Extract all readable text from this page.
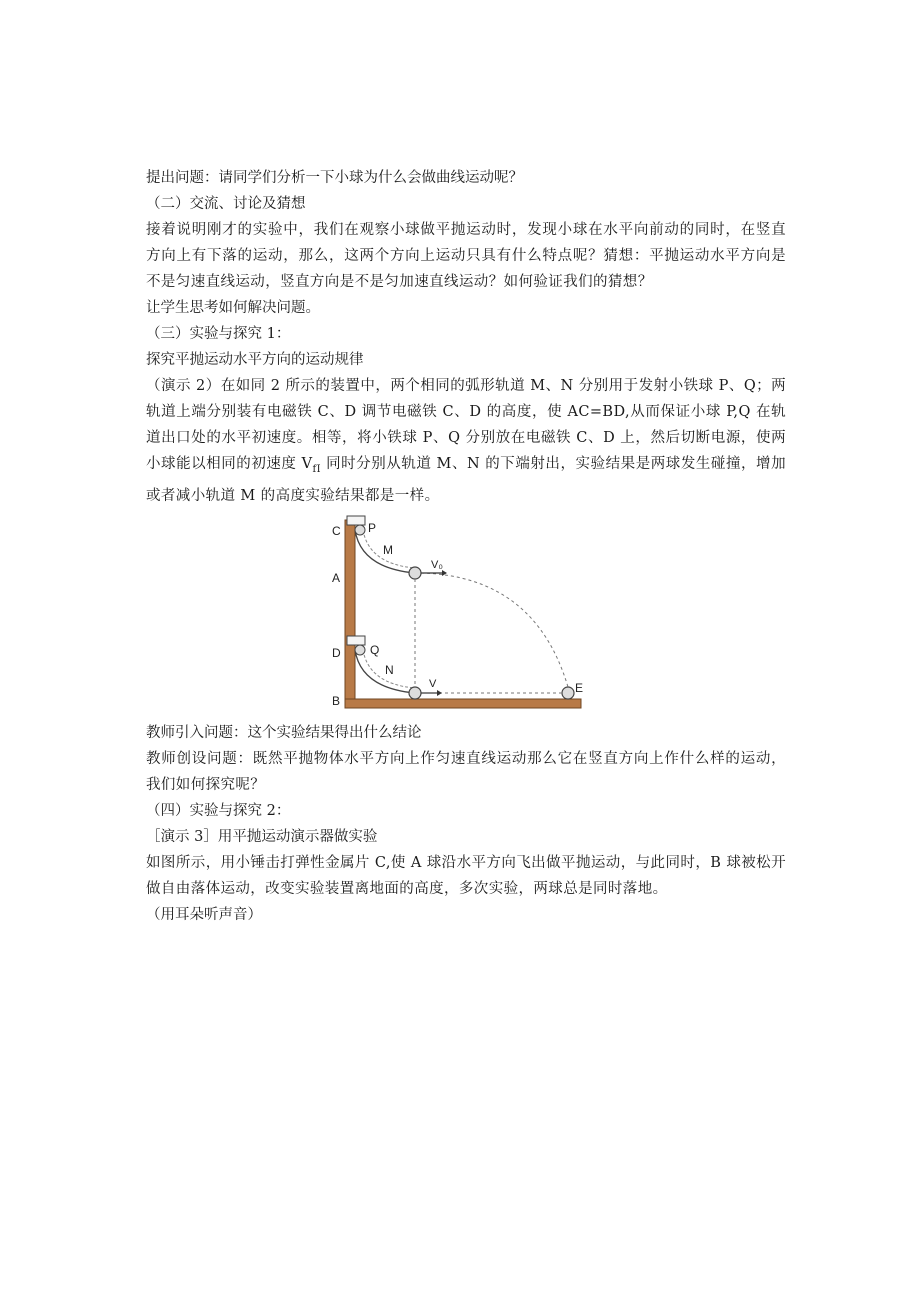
提出问题：请同学们分析一下小球为什么会做曲线运动呢？

（二）交流、讨论及猜想

接着说明刚才的实验中，我们在观察小球做平抛运动时，发现小球在水平向前动的同时，在竖直方向上有下落的运动，那么，这两个方向上运动只具有什么特点呢？猜想：平抛运动水平方向是不是匀速直线运动，竖直方向是不是匀加速直线运动？如何验证我们的猜想？

让学生思考如何解决问题。

（三）实验与探究 1：

探究平抛运动水平方向的运动规律

（演示 2）在如同 2 所示的装置中，两个相同的弧形轨道 M、N 分别用于发射小铁球 P、Q；两轨道上端分别装有电磁铁 C、D 调节电磁铁 C、D 的高度，使 AC=BD,从而保证小球 P,Q 在轨道出口处的水平初速度。相等，将小铁球 P、Q 分别放在电磁铁 C、D 上，然后切断电源，使两小球能以相同的初速度 $V_{fI}$ 同时分别从轨道 M、N 的下端射出，实验结果是两球发生碰撞，增加或者减小轨道 M 的高度实验结果都是一样。

C P
M
V₀
A
D Q
N
V
B
E

教师引入问题：这个实验结果得出什么结论

教师创设问题：既然平抛物体水平方向上作匀速直线运动那么它在竖直方向上作什么样的运动，我们如何探究呢？

（四）实验与探究 2：

［演示 3］用平抛运动演示器做实验

如图所示，用小锤击打弹性金属片 C,使 A 球沿水平方向飞出做平抛运动，与此同时，B 球被松开做自由落体运动，改变实验装置离地面的高度，多次实验，两球总是同时落地。

（用耳朵听声音）
